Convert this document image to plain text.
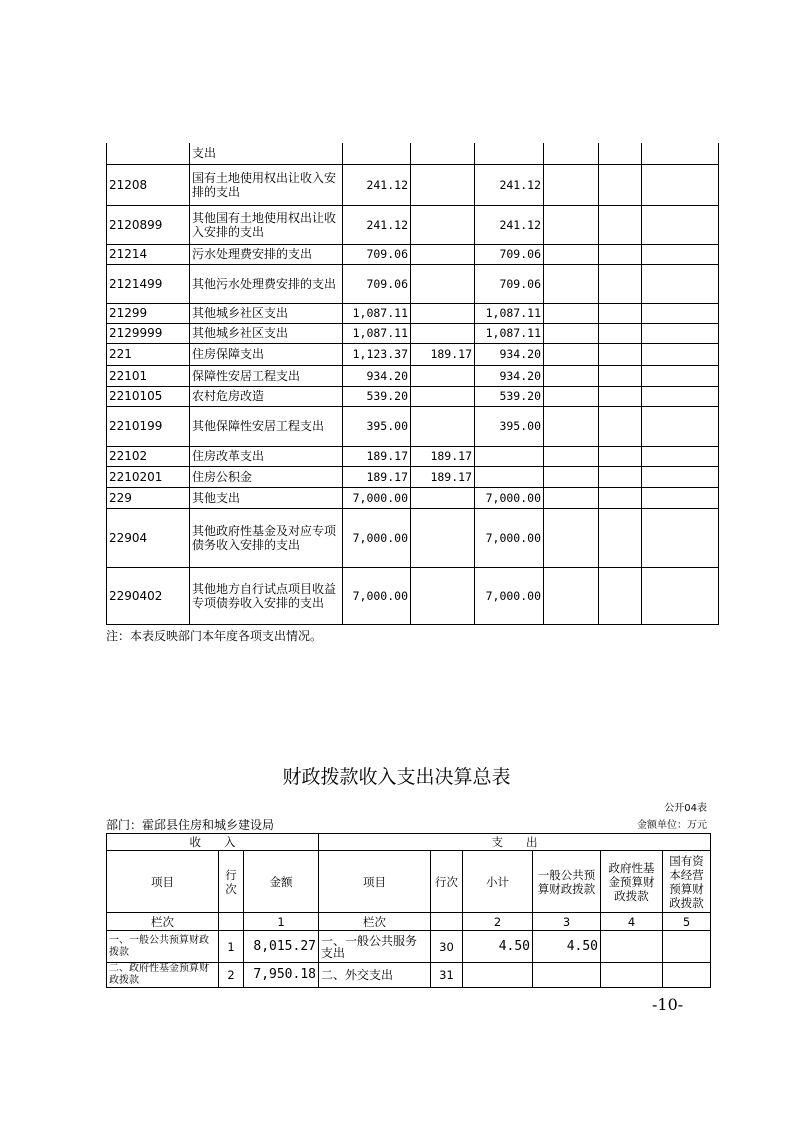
	支出						
21208	国有土地使用权出让收入安排的支出	241.12		241.12			
2120899	其他国有土地使用权出让收入安排的支出	241.12		241.12			
21214	污水处理费安排的支出	709.06		709.06			
2121499	其他污水处理费安排的支出	709.06		709.06			
21299	其他城乡社区支出	1,087.11		1,087.11			
2129999	其他城乡社区支出	1,087.11		1,087.11			
221	住房保障支出	1,123.37	189.17	934.20			
22101	保障性安居工程支出	934.20		934.20			
2210105	农村危房改造	539.20		539.20			
2210199	其他保障性安居工程支出	395.00		395.00			
22102	住房改革支出	189.17	189.17				
2210201	住房公积金	189.17	189.17				
229	其他支出	7,000.00		7,000.00			
22904	其他政府性基金及对应专项债务收入安排的支出	7,000.00		7,000.00			
2290402	其他地方自行试点项目收益专项债券收入安排的支出	7,000.00		7,000.00			
注：本表反映部门本年度各项支出情况。
财政拨款收入支出决算总表
公开04表
部门：霍邱县住房和城乡建设局	金额单位：万元
收　　入			支　　出					
项目	行次	金额	项目	行次	小计	一般公共预算财政拨款	政府性基金预算财政拨款	国有资本经营预算财政拨款
栏次		1	栏次		2	3	4	5
一、一般公共预算财政拨款	1	8,015.27	一、一般公共服务支出	30	4.50	4.50		
二、政府性基金预算财政拨款	2	7,950.18	二、外交支出	31				
-10-
